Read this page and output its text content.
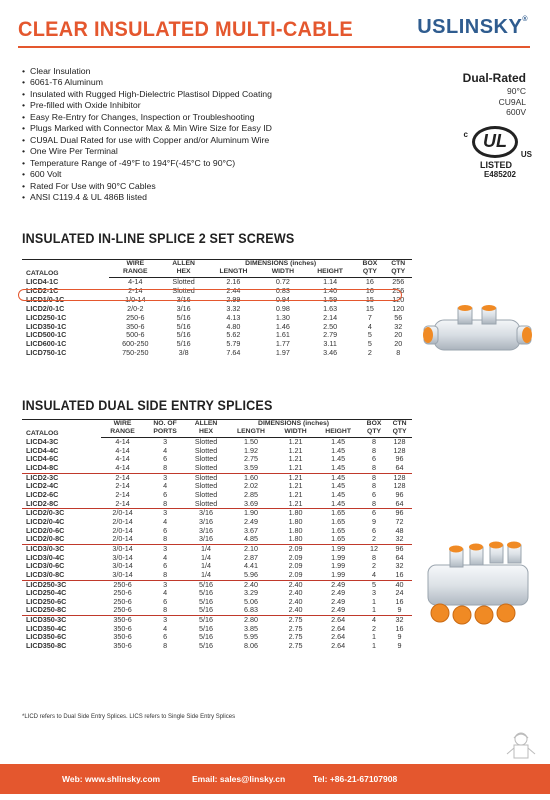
CLEAR INSULATED MULTI-CABLE	USLINSKY®
• Clear Insulation
• 6061-T6 Aluminum
• Insulated with Rugged High-Dielectric Plastisol Dipped Coating
• Pre-filled with Oxide Inhibitor
• Easy Re-Entry for Changes, Inspection or Troubleshooting
• Plugs Marked with Connector Max & Min Wire Size for Easy ID
• CU9AL Dual Rated for use with Copper and/or Aluminum Wire
• One Wire Per Terminal
• Temperature Range of -49°F to 194°F(-45°C to 90°C)
• 600 Volt
• Rated For Use with 90°C Cables
• ANSI C119.4 & UL 486B listed
Dual-Rated
90°C
CU9AL
600V
c UL
US
LISTED
E485202
INSULATED IN-LINE SPLICE 2 SET SCREWS
CATALOG	WIRE	ALLEN	DIMENSIONS (inches)			BOX	CTN
	RANGE	HEX	LENGTH	WIDTH	HEIGHT	QTY	QTY
LICD4-1C	4-14	Slotted	2.16	0.72	1.14	16	256
LICD2-1C	2-14	Slotted	2.44	0.83	1.40	16	256
LICD1/0-1C	1/0-14	3/16	2.99	0.94	1.59	15	120
LICD2/0-1C	2/0-2	3/16	3.32	0.98	1.63	15	120
LICD250-1C	250-6	5/16	4.13	1.30	2.14	7	56
LICD350-1C	350-6	5/16	4.80	1.46	2.50	4	32
LICD500-1C	500-6	5/16	5.62	1.61	2.79	5	20
LICD600-1C	600-250	5/16	5.79	1.77	3.11	5	20
LICD750-1C	750-250	3/8	7.64	1.97	3.46	2	8
INSULATED DUAL SIDE ENTRY SPLICES
CATALOG	WIRE	NO. OF	ALLEN	DIMENSIONS (inches)			BOX	CTN
	RANGE	PORTS	HEX	LENGTH	WIDTH	HEIGHT	QTY	QTY
LICD4-3C	4-14	3	Slotted	1.50	1.21	1.45	8	128
LICD4-4C	4-14	4	Slotted	1.92	1.21	1.45	8	128
LICD4-6C	4-14	6	Slotted	2.75	1.21	1.45	6	96
LICD4-8C	4-14	8	Slotted	3.59	1.21	1.45	8	64
LICD2-3C	2-14	3	Slotted	1.60	1.21	1.45	8	128
LICD2-4C	2-14	4	Slotted	2.02	1.21	1.45	8	128
LICD2-6C	2-14	6	Slotted	2.85	1.21	1.45	6	96
LICD2-8C	2-14	8	Slotted	3.69	1.21	1.45	8	64
LICD2/0-3C	2/0-14	3	3/16	1.90	1.80	1.65	6	96
LICD2/0-4C	2/0-14	4	3/16	2.49	1.80	1.65	9	72
LICD2/0-6C	2/0-14	6	3/16	3.67	1.80	1.65	6	48
LICD2/0-8C	2/0-14	8	3/16	4.85	1.80	1.65	2	32
LICD3/0-3C	3/0-14	3	1/4	2.10	2.09	1.99	12	96
LICD3/0-4C	3/0-14	4	1/4	2.87	2.09	1.99	8	64
LICD3/0-6C	3/0-14	6	1/4	4.41	2.09	1.99	2	32
LICD3/0-8C	3/0-14	8	1/4	5.96	2.09	1.99	4	16
LICD250-3C	250-6	3	5/16	2.40	2.40	2.49	5	40
LICD250-4C	250-6	4	5/16	3.29	2.40	2.49	3	24
LICD250-6C	250-6	6	5/16	5.06	2.40	2.49	1	16
LICD250-8C	250-6	8	5/16	6.83	2.40	2.49	1	9
LICD350-3C	350-6	3	5/16	2.80	2.75	2.64	4	32
LICD350-4C	350-6	4	5/16	3.85	2.75	2.64	2	16
LICD350-6C	350-6	6	5/16	5.95	2.75	2.64	1	9
LICD350-8C	350-6	8	5/16	8.06	2.75	2.64	1	9
*LICD refers to Dual Side Entry Splices. LICS refers to Single Side Entry Splices
Web: www.shlinsky.com	Email: sales@linsky.cn	Tel: +86-21-67107908
